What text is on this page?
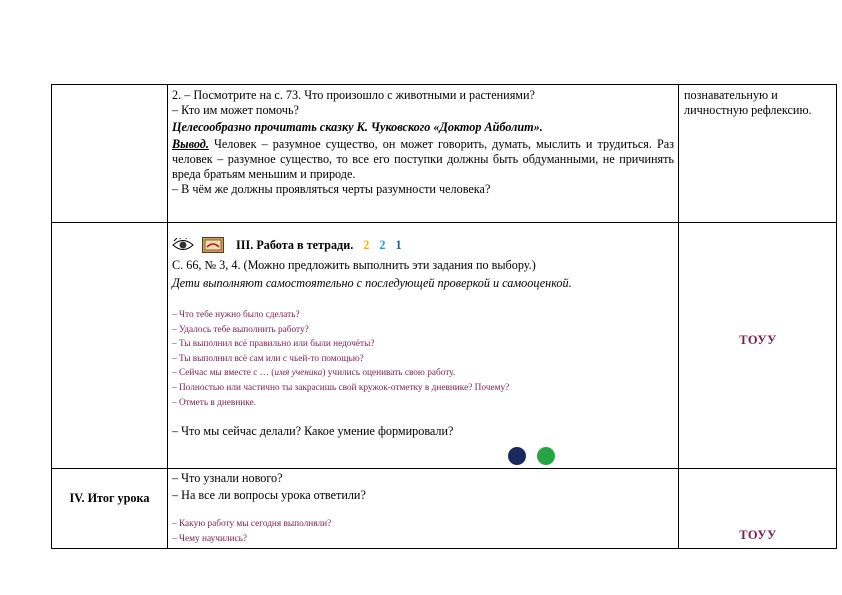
2. – Посмотрите на с. 73. Что произошло с животными и растениями?

– Кто им может помочь?

Целесообразно прочитать сказку К. Чуковского «Доктор Айболит».

Вывод. Человек – разумное существо, он может говорить, думать, мыслить и трудиться. Раз человек – разумное существо, то все его поступки должны быть обдуманными, не причинять вреда братьям меньшим и природе.

– В чём же должны проявляться черты разумности человека?

познавательную и личностную рефлексию.

III. Работа в тетради. 2 2 1

С. 66, № 3, 4. (Можно предложить выполнить эти задания по выбору.)

Дети выполняют самостоятельно с последующей проверкой и самооценкой.

– Что тебе нужно было сделать?

– Удалось тебе выполнить работу?

– Ты выполнил всё правильно или были недочёты?

– Ты выполнил всё сам или с чьей-то помощью?

– Сейчас мы вместе с … (имя ученика) учились оценивать свою работу.

– Полностью или частично ты закрасишь свой кружок-отметку в дневнике? Почему?

– Отметь в дневнике.

– Что мы сейчас делали? Какое умение формировали?

ТОУУ
IV. Итог урока

– Что узнали нового?

– На все ли вопросы урока ответили?

– Какую работу мы сегодня выполняли?

– Чему научились?	ТОУУ
